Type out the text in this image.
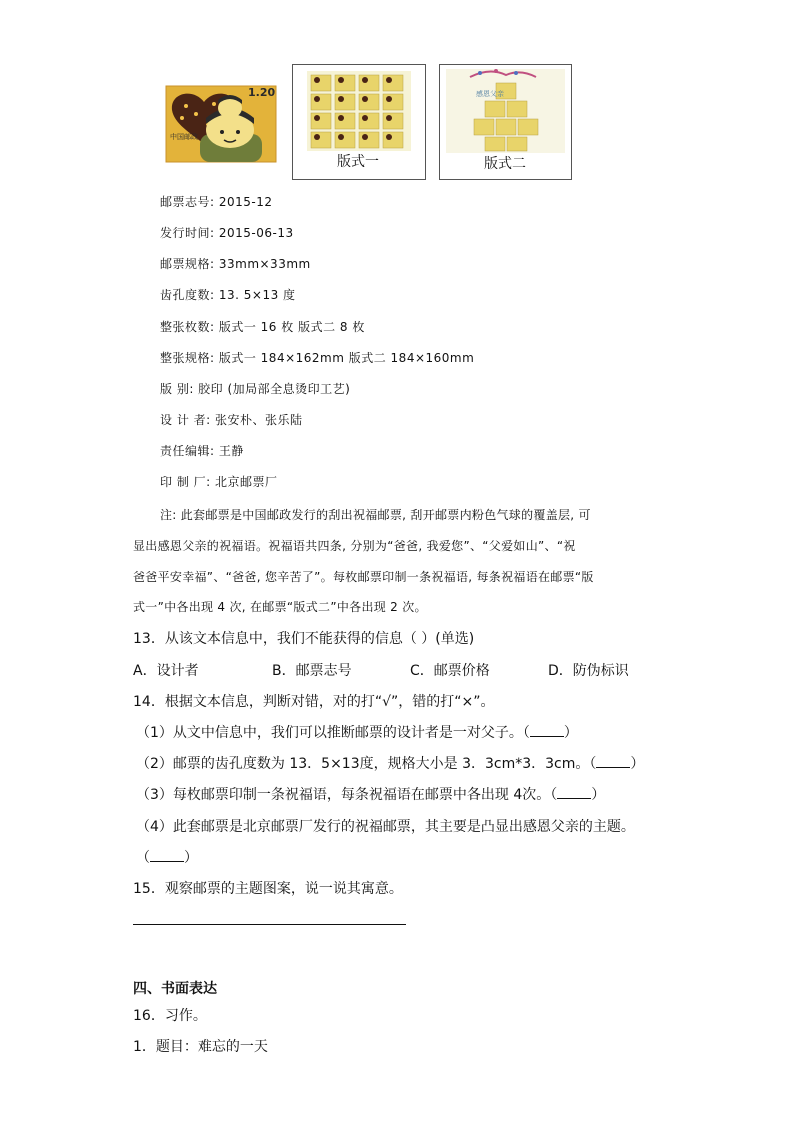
1.20
中国邮政
版式一
感恩父亲
版式二
邮票志号: 2015-12
发行时间: 2015-06-13
邮票规格: 33mm×33mm
齿孔度数: 13. 5×13 度
整张枚数: 版式一 16 枚 版式二 8 枚
整张规格: 版式一 184×162mm 版式二 184×160mm
版 别: 胶印 (加局部全息烫印工艺)
设 计 者: 张安朴、张乐陆
责任编辑: 王静
印 制 厂: 北京邮票厂
注: 此套邮票是中国邮政发行的刮出祝福邮票, 刮开邮票内粉色气球的覆盖层, 可
显出感恩父亲的祝福语。祝福语共四条, 分别为“爸爸, 我爱您”、“父爱如山”、“祝
爸爸平安幸福”、“爸爸, 您辛苦了”。每枚邮票印制一条祝福语, 每条祝福语在邮票“版
式一”中各出现 4 次, 在邮票“版式二”中各出现 2 次。
13．从该文本信息中，我们不能获得的信息（ ）(单选)
A．设计者	B．邮票志号	C．邮票价格	D．防伪标识
14．根据文本信息，判断对错，对的打“√”，错的打“×”。
（1）从文中信息中，我们可以推断邮票的设计者是一对父子。（ ）
（2）邮票的齿孔度数为 13．5×13度，规格大小是 3．3cm*3．3cm。（ ）
（3）每枚邮票印制一条祝福语，每条祝福语在邮票中各出现 4次。（ ）
（4）此套邮票是北京邮票厂发行的祝福邮票，其主要是凸显出感恩父亲的主题。
（ ）
15．观察邮票的主题图案，说一说其寓意。
四、书面表达
16．习作。
1．题目：难忘的一天
